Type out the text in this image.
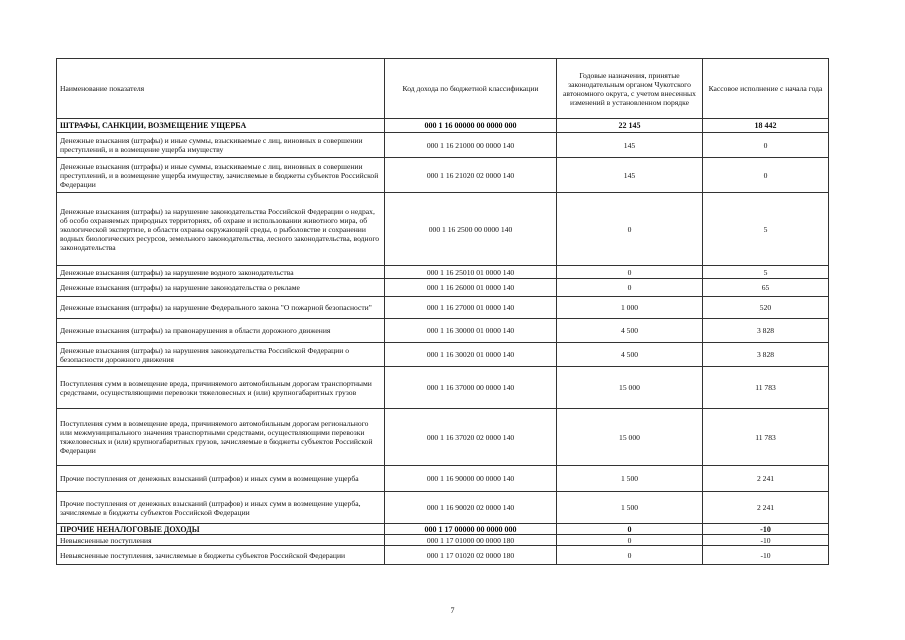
Наименование показателя	Код дохода по бюджетной классификации	Годовые назначения, принятые законодательным органом Чукотского автономного округа, с учетом внесенных изменений в установленном порядке	Кассовое исполнение с начала года
ШТРАФЫ, САНКЦИИ, ВОЗМЕЩЕНИЕ УЩЕРБА	000 1 16 00000 00 0000 000	22 145	18 442
Денежные взыскания (штрафы) и иные суммы, взыскиваемые с лиц, виновных в совершении преступлений, и в возмещение ущерба имуществу	000 1 16 21000 00 0000 140	145	0
Денежные взыскания (штрафы) и иные суммы, взыскиваемые с лиц, виновных в совершении преступлений, и в возмещение ущерба имуществу, зачисляемые в бюджеты субъектов Российской Федерации	000 1 16 21020 02 0000 140	145	0
Денежные взыскания (штрафы) за нарушение законодательства Российской Федерации о недрах, об особо охраняемых природных территориях, об охране и использовании животного мира, об экологической экспертизе, в области охраны окружающей среды, о рыболовстве и сохранении водных биологических ресурсов, земельного законодательства, лесного законодательства, водного законодательства	000 1 16 2500 00 0000 140	0	5
Денежные взыскания (штрафы) за нарушение водного законодательства	000 1 16 25010 01 0000 140	0	5
Денежные взыскания (штрафы) за нарушение законодательства о рекламе	000 1 16 26000 01 0000 140	0	65
Денежные взыскания (штрафы) за нарушение Федерального закона "О пожарной безопасности"	000 1 16 27000 01 0000 140	1 000	520
Денежные взыскания (штрафы) за правонарушения в области дорожного движения	000 1 16 30000 01 0000 140	4 500	3 828
Денежные взыскания (штрафы) за нарушения законодательства Российской Федерации о безопасности дорожного движения	000 1 16 30020 01 0000 140	4 500	3 828
Поступления сумм в возмещение вреда, причиняемого автомобильным дорогам транспортными средствами, осуществляющими перевозки тяжеловесных и (или) крупногабаритных грузов	000 1 16 37000 00 0000 140	15 000	11 783
Поступления сумм в возмещение вреда, причиняемого автомобильным дорогам регионального или межмуниципального значения транспортными средствами, осуществляющими перевозки тяжеловесных и (или) крупногабаритных грузов, зачисляемые в бюджеты субъектов Российской Федерации	000 1 16 37020 02 0000 140	15 000	11 783
Прочие поступления от денежных взысканий (штрафов) и иных сумм в возмещение ущерба	000 1 16 90000 00 0000 140	1 500	2 241
Прочие поступления от денежных взысканий (штрафов) и иных сумм в возмещение ущерба, зачисляемые в бюджеты субъектов Российской Федерации	000 1 16 90020 02 0000 140	1 500	2 241
ПРОЧИЕ НЕНАЛОГОВЫЕ ДОХОДЫ	000 1 17 00000 00 0000 000	0	-10
Невыясненные поступления	000 1 17 01000 00 0000 180	0	-10
Невыясненные поступления, зачисляемые в бюджеты субъектов Российской Федерации	000 1 17 01020 02 0000 180	0	-10
7
